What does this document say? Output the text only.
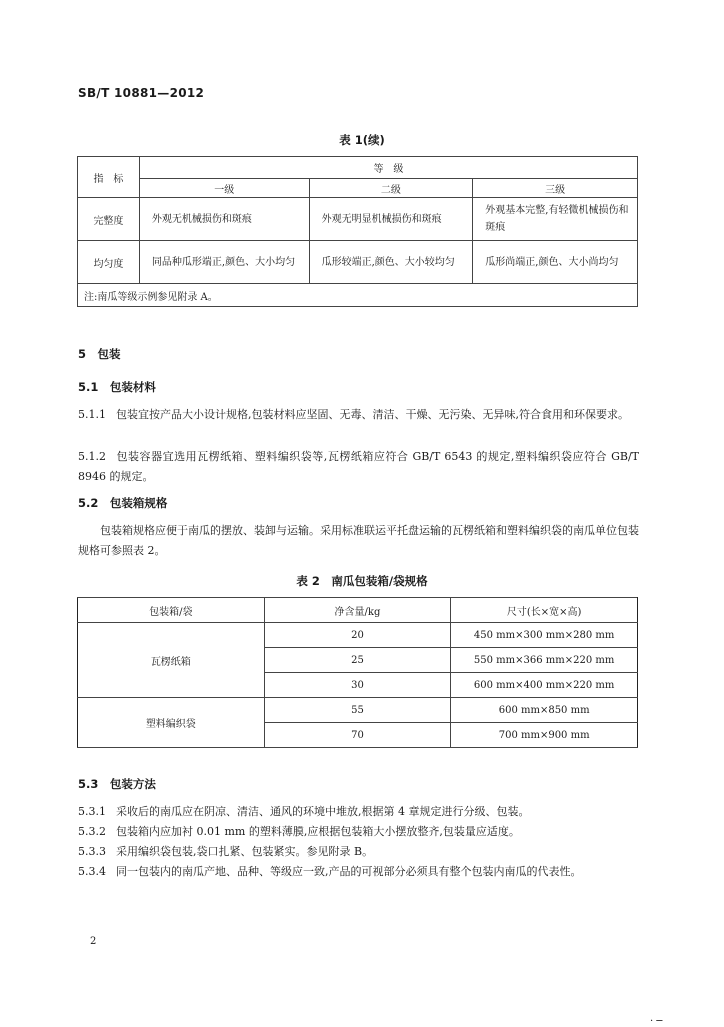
SB/T 10881—2012
表 1(续)
指　标	等　级		
	一级	二级	三级
完整度	外观无机械损伤和斑痕	外观无明显机械损伤和斑痕	外观基本完整,有轻微机械损伤和斑痕
均匀度	同品种瓜形端正,颜色、大小均匀	瓜形较端正,颜色、大小较均匀	瓜形尚端正,颜色、大小尚均匀
注:南瓜等级示例参见附录 A。			
5　包装
5.1　包装材料
5.1.1 包装宜按产品大小设计规格,包装材料应坚固、无毒、清洁、干燥、无污染、无异味,符合食用和环保要求。
5.1.2 包装容器宜选用瓦楞纸箱、塑料编织袋等,瓦楞纸箱应符合 GB/T 6543 的规定,塑料编织袋应符合 GB/T 8946 的规定。
5.2　包装箱规格
包装箱规格应便于南瓜的摆放、装卸与运输。采用标准联运平托盘运输的瓦楞纸箱和塑料编织袋的南瓜单位包装规格可参照表 2。
表 2　南瓜包装箱/袋规格
包装箱/袋	净含量/kg	尺寸(长×宽×高)
瓦楞纸箱	20	450 mm×300 mm×280 mm
	25	550 mm×366 mm×220 mm
	30	600 mm×400 mm×220 mm
塑料编织袋	55	600 mm×850 mm
	70	700 mm×900 mm
5.3　包装方法
5.3.1 采收后的南瓜应在阴凉、清洁、通风的环境中堆放,根据第 4 章规定进行分级、包装。
5.3.2 包装箱内应加衬 0.01 mm 的塑料薄膜,应根据包装箱大小摆放整齐,包装量应适度。
5.3.3 采用编织袋包装,袋口扎紧、包装紧实。参见附录 B。
5.3.4 同一包装内的南瓜产地、品种、等级应一致,产品的可视部分必须具有整个包装内南瓜的代表性。
2
· ─
